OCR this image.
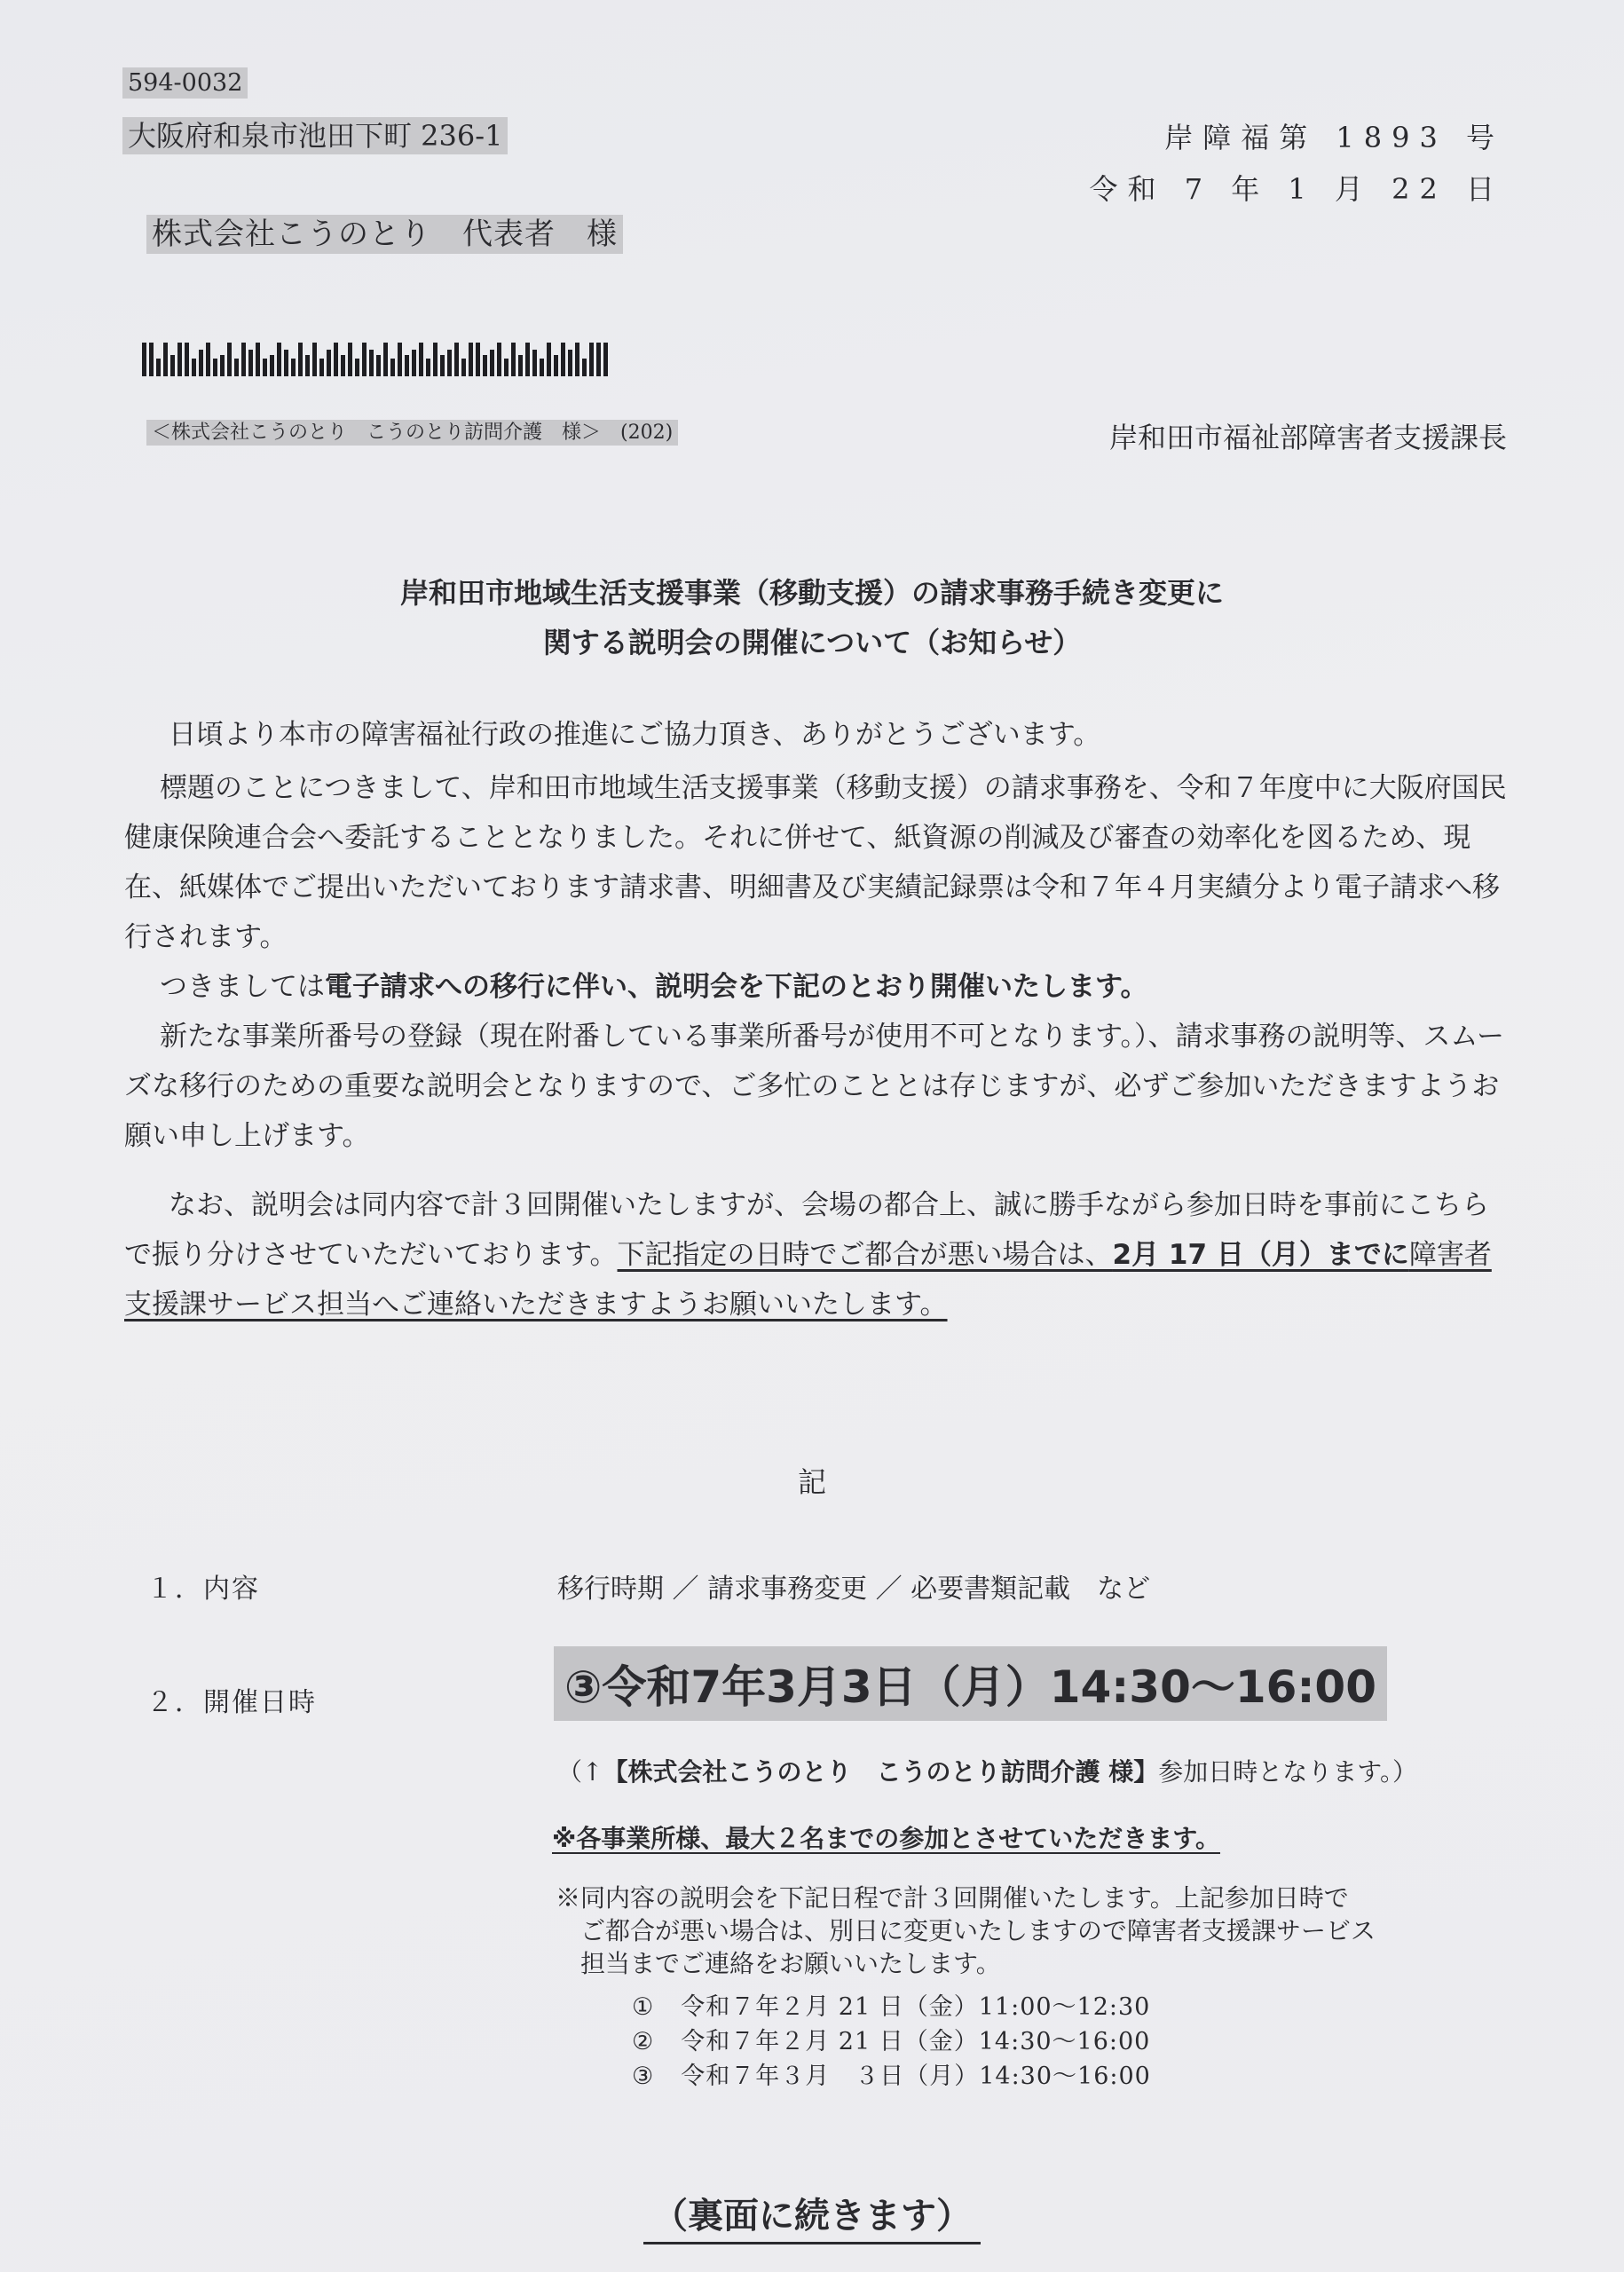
594-0032
大阪府和泉市池田下町 236-1
株式会社こうのとり　代表者　様
＜株式会社こうのとり　こうのとり訪問介護　様＞　(202)
岸障福第 1893 号
令和 7 年 1 月 22 日
岸和田市福祉部障害者支援課長
岸和田市地域生活支援事業（移動支援）の請求事務手続き変更に
関する説明会の開催について（お知らせ）

日頃より本市の障害福祉行政の推進にご協力頂き、ありがとうございます。

標題のことにつきまして、岸和田市地域生活支援事業（移動支援）の請求事務を、令和７年度中に大阪府国民健康保険連合会へ委託することとなりました。それに併せて、紙資源の削減及び審査の効率化を図るため、現在、紙媒体でご提出いただいております請求書、明細書及び実績記録票は令和７年４月実績分より電子請求へ移行されます。

つきましては電子請求への移行に伴い、説明会を下記のとおり開催いたします。

新たな事業所番号の登録（現在附番している事業所番号が使用不可となります。）、請求事務の説明等、スムーズな移行のための重要な説明会となりますので、ご多忙のこととは存じますが、必ずご参加いただきますようお願い申し上げます。

なお、説明会は同内容で計３回開催いたしますが、会場の都合上、誠に勝手ながら参加日時を事前にこちらで振り分けさせていただいております。下記指定の日時でご都合が悪い場合は、2月 17 日（月）までに障害者支援課サービス担当へご連絡いただきますようお願いいたします。

記
１．内容	移行時期 ／ 請求事務変更 ／ 必要書類記載　など
２．開催日時	③令和7年3月3日（月）14:30～16:00
（↑【株式会社こうのとり　こうのとり訪問介護 様】参加日時となります。）
※各事業所様、最大２名までの参加とさせていただきます。
※同内容の説明会を下記日程で計３回開催いたします。上記参加日時で
ご都合が悪い場合は、別日に変更いたしますので障害者支援課サービス
担当までご連絡をお願いいたします。
① 令和７年２月 21 日（金）11:00～12:30
② 令和７年２月 21 日（金）14:30～16:00
③ 令和７年３月　３日（月）14:30～16:00
（裏面に続きます）
